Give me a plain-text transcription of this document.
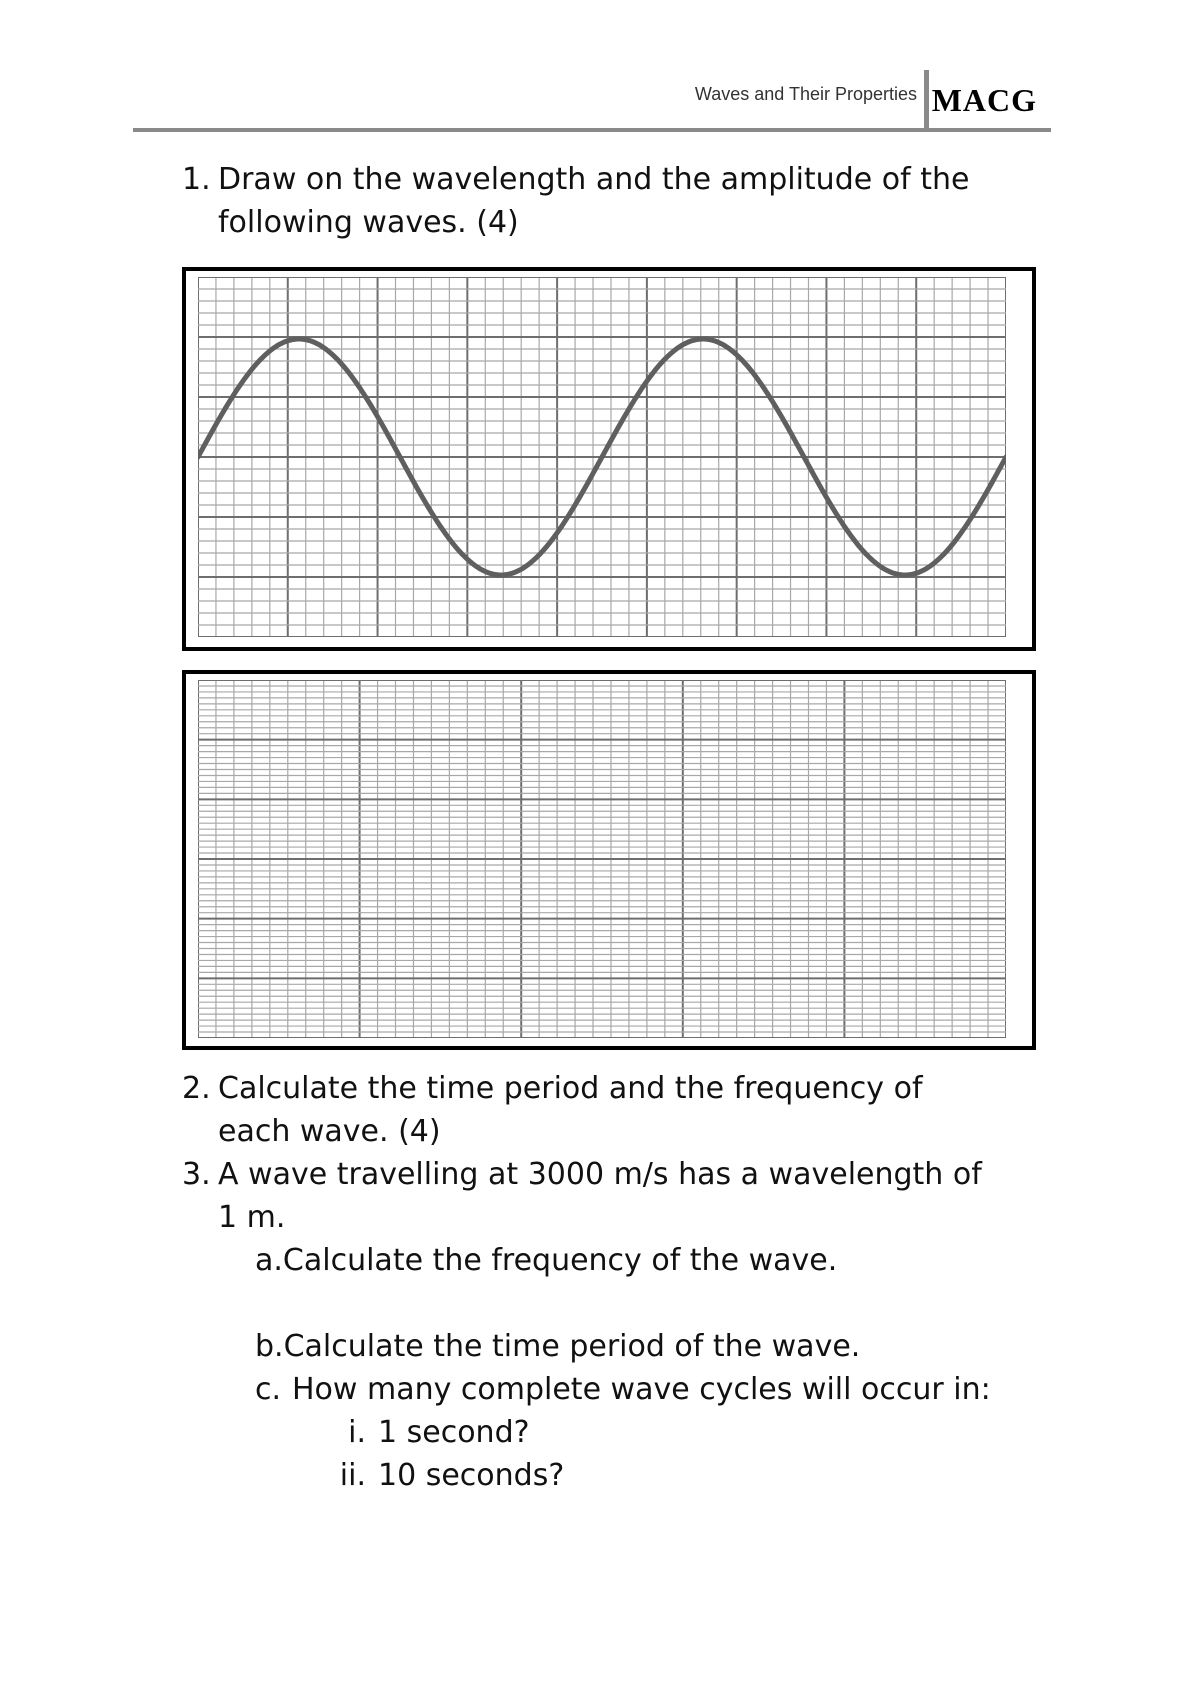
Waves and Their Properties MACG
1. Draw on the wavelength and the amplitude of the
following waves. (4)
2. Calculate the time period and the frequency of
each wave. (4)
3. A wave travelling at 3000 m/s has a wavelength of
1 m.
a.Calculate the frequency of the wave.
b.Calculate the time period of the wave.
c. How many complete wave cycles will occur in:
i. 1 second?
ii. 10 seconds?
